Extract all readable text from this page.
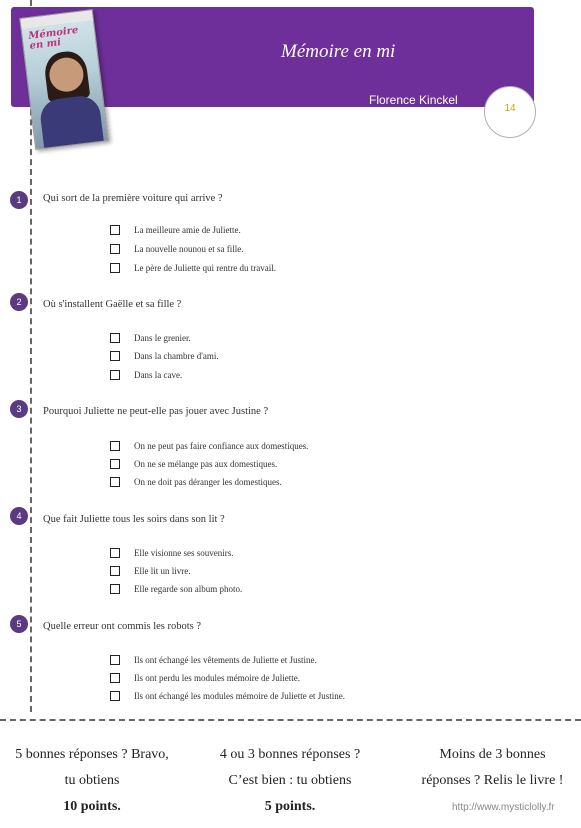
Mémoire en mi
Florence Kinckel
Mémoire en mi
14
1	Qui sort de la première voiture qui arrive ?
La meilleure amie de Juliette.
La nouvelle nounou et sa fille.
Le père de Juliette qui rentre du travail.
2	Où s'installent Gaëlle et sa fille ?
Dans le grenier.
Dans la chambre d'ami.
Dans la cave.
3	Pourquoi Juliette ne peut-elle pas jouer avec Justine ?
On ne peut pas faire confiance aux domestiques.
On ne se mélange pas aux domestiques.
On ne doit pas déranger les domestiques.
4	Que fait Juliette tous les soirs dans son lit ?
Elle visionne ses souvenirs.
Elle lit un livre.
Elle regarde son album photo.
5	Quelle erreur ont commis les robots ?
Ils ont échangé les vêtements de Juliette et Justine.
Ils ont perdu les modules mémoire de Juliette.
Ils ont échangé les modules mémoire de Juliette et Justine.
5 bonnes réponses ? Bravo,
tu obtiens
10 points.
4 ou 3 bonnes réponses ?
C’est bien : tu obtiens
5 points.
Moins de 3 bonnes
réponses ? Relis le livre !
http://www.mysticlolly.fr
